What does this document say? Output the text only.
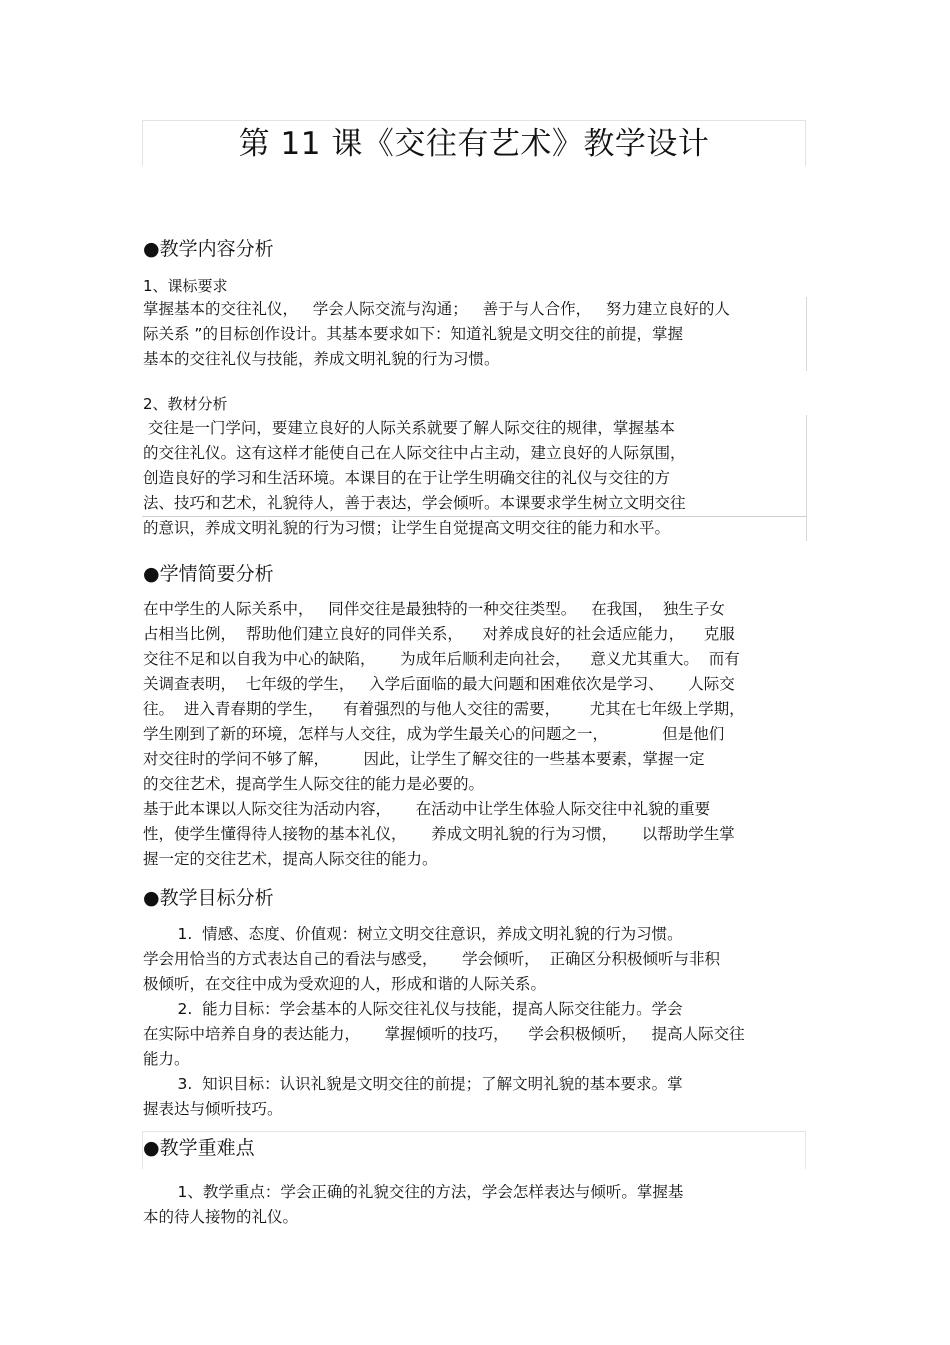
第 11 课《交往有艺术》教学设计
●教学内容分析
1、课标要求
掌握基本的交往礼仪，   学会人际交流与沟通；   善于与人合作，   努力建立良好的人
际关系 ”的目标创作设计。其基本要求如下：知道礼貌是文明交往的前提，掌握
基本的交往礼仪与技能，养成文明礼貌的行为习惯。
2、教材分析
交往是一门学问，要建立良好的人际关系就要了解人际交往的规律，掌握基本
的交往礼仪。这有这样才能使自己在人际交往中占主动，建立良好的人际氛围，
创造良好的学习和生活环境。本课目的在于让学生明确交往的礼仪与交往的方
法、技巧和艺术，礼貌待人，善于表达，学会倾听。本课要求学生树立文明交往
的意识，养成文明礼貌的行为习惯；让学生自觉提高文明交往的能力和水平。
●学情简要分析
在中学生的人际关系中，   同伴交往是最独特的一种交往类型。   在我国，  独生子女
占相当比例，  帮助他们建立良好的同伴关系，    对养成良好的社会适应能力，    克服
交往不足和以自我为中心的缺陷，     为成年后顺利走向社会，    意义尤其重大。  而有
关调查表明，  七年级的学生，   入学后面临的最大问题和困难依次是学习、     人际交
往。  进入青春期的学生，    有着强烈的与他人交往的需要，      尤其在七年级上学期，
学生刚到了新的环境，怎样与人交往，成为学生最关心的问题之一，           但是他们
对交往时的学问不够了解，       因此，让学生了解交往的一些基本要素，掌握一定
的交往艺术，提高学生人际交往的能力是必要的。
基于此本课以人际交往为活动内容，     在活动中让学生体验人际交往中礼貌的重要
性，使学生懂得待人接物的基本礼仪，     养成文明礼貌的行为习惯，     以帮助学生掌
握一定的交往艺术，提高人际交往的能力。
●教学目标分析
1.  情感、态度、价值观：树立文明交往意识，养成文明礼貌的行为习惯。
学会用恰当的方式表达自己的看法与感受，     学会倾听，  正确区分积极倾听与非积
极倾听，在交往中成为受欢迎的人，形成和谐的人际关系。
2.  能力目标：学会基本的人际交往礼仪与技能，提高人际交往能力。学会
在实际中培养自身的表达能力，     掌握倾听的技巧，    学会积极倾听，   提高人际交往
能力。
3.  知识目标：认识礼貌是文明交往的前提；了解文明礼貌的基本要求。掌
握表达与倾听技巧。
●教学重难点
1、教学重点：学会正确的礼貌交往的方法，学会怎样表达与倾听。掌握基
本的待人接物的礼仪。
